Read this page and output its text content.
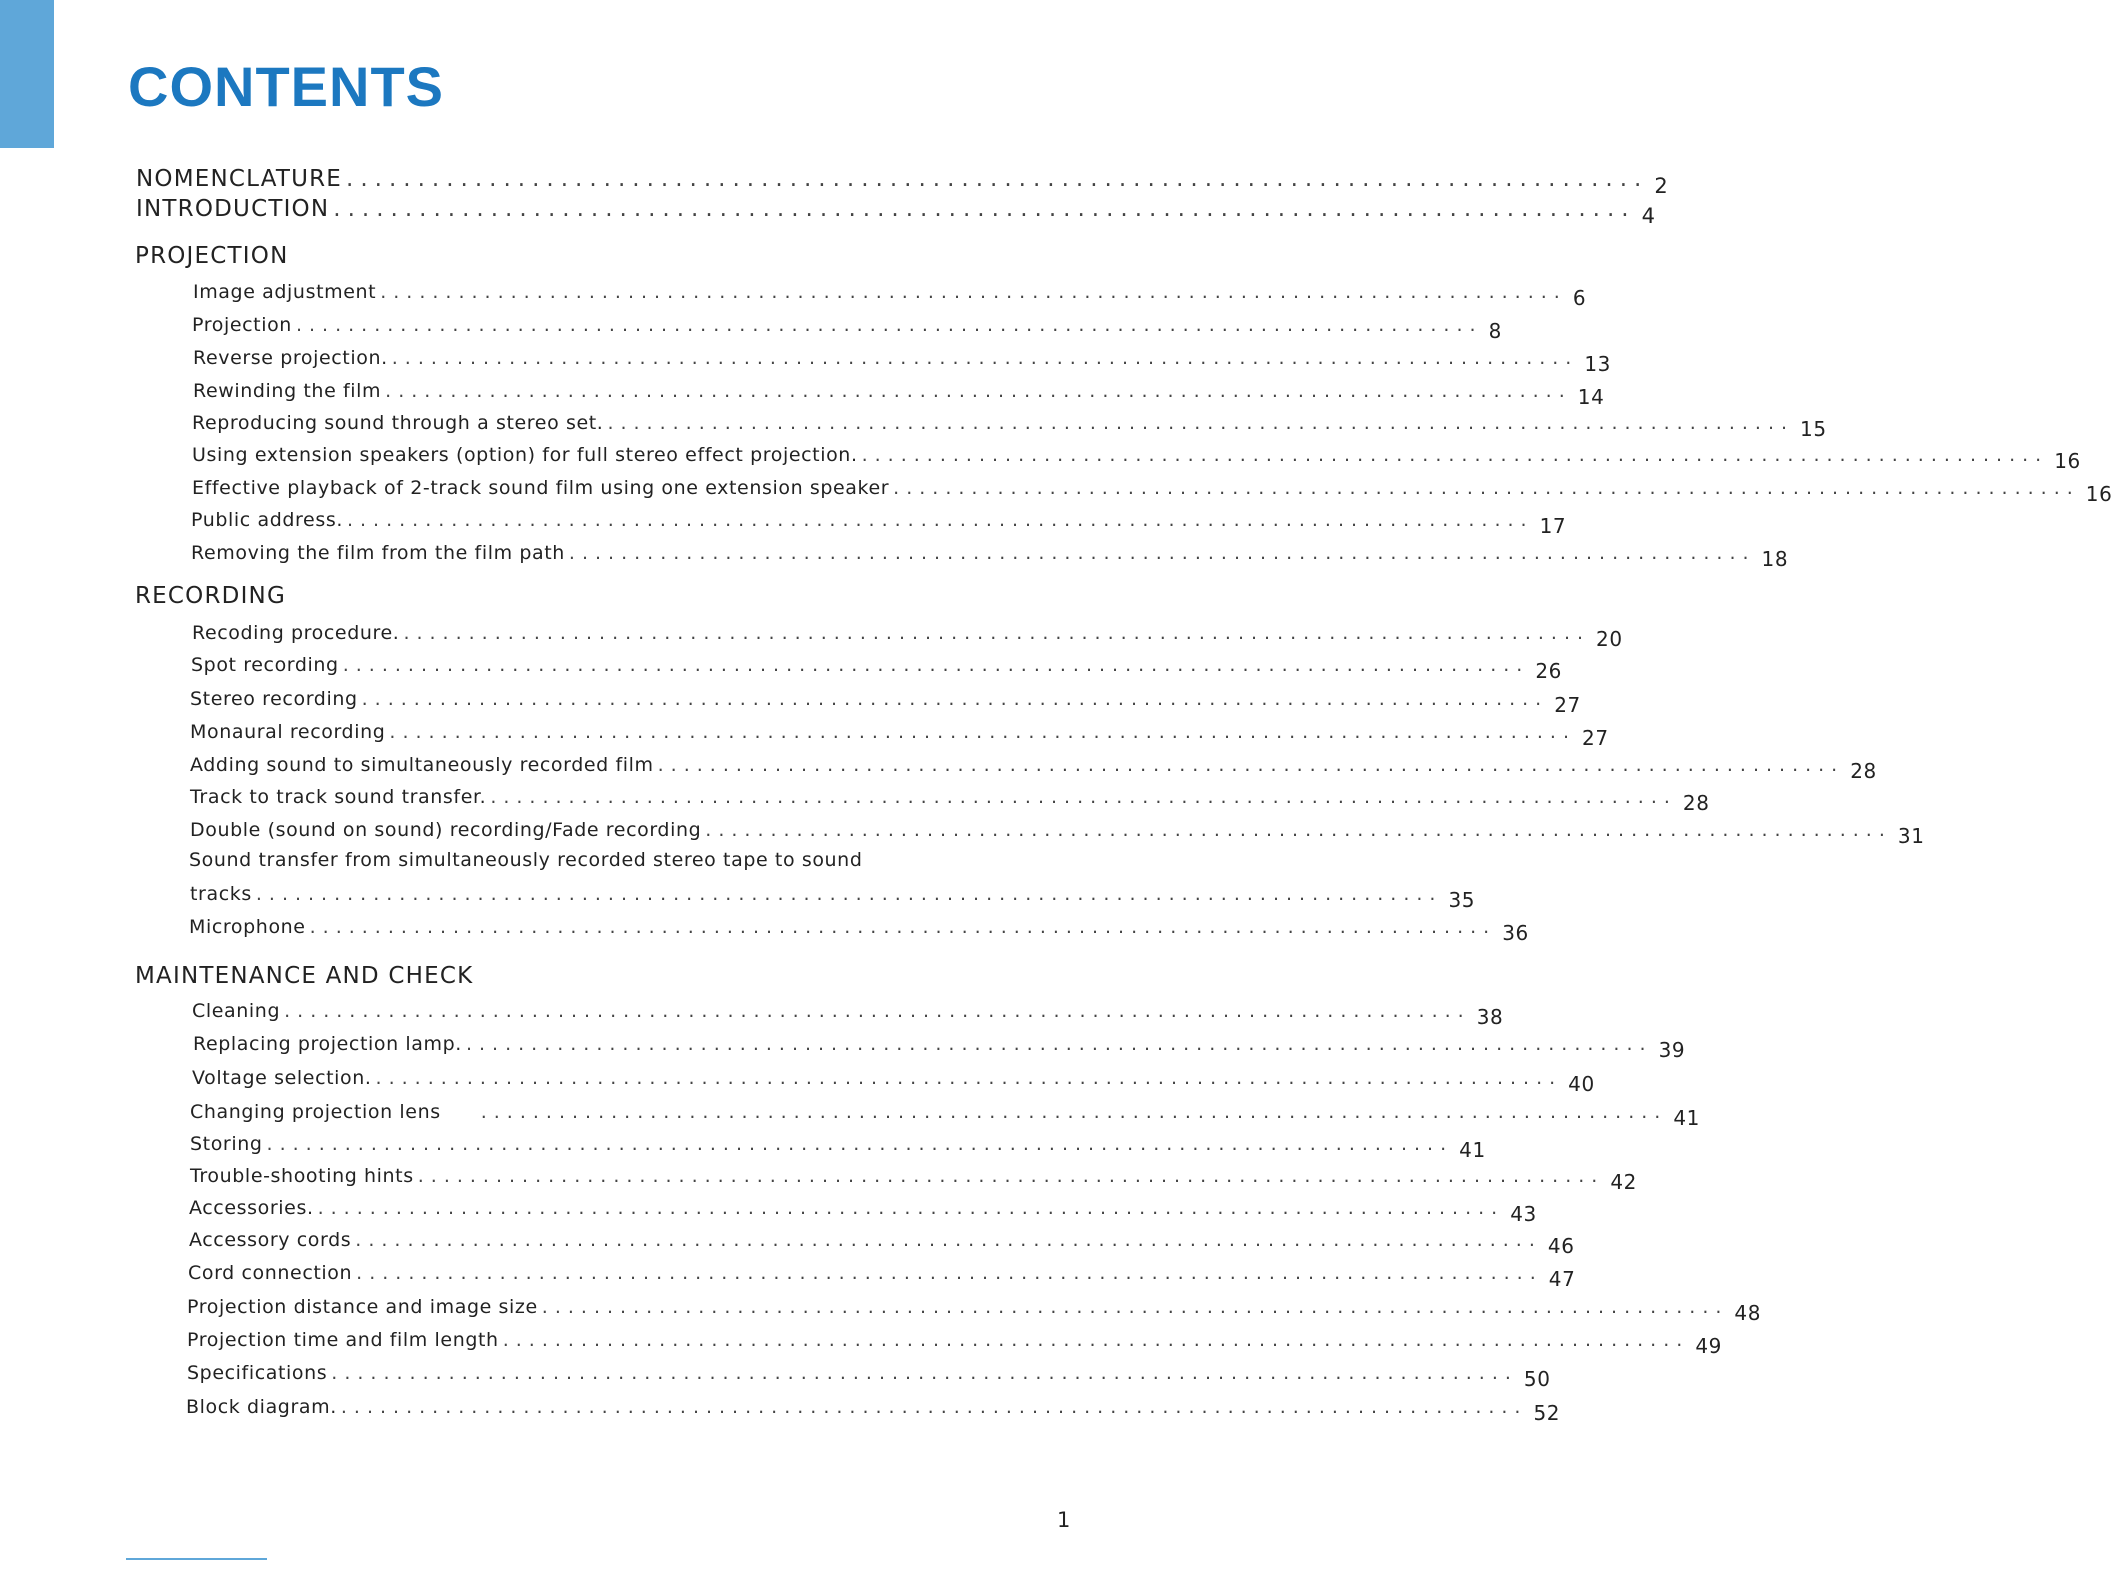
CONTENTS
NOMENCLATURE ........................................................................................... 2
INTRODUCTION ........................................................................................... 4
PROJECTION
Image adjustment ........................................................................................... 6
Projection ........................................................................................... 8
Reverse projection. ........................................................................................... 13
Rewinding the film ........................................................................................... 14
Reproducing sound through a stereo set. ........................................................................................... 15
Using extension speakers (option) for full stereo effect projection. ........................................................................................... 16
Effective playback of 2-track sound film using one extension speaker ........................................................................................... 16
Public address. ........................................................................................... 17
Removing the film from the film path ........................................................................................... 18
RECORDING
Recoding procedure. ........................................................................................... 20
Spot recording ........................................................................................... 26
Stereo recording ........................................................................................... 27
Monaural recording ........................................................................................... 27
Adding sound to simultaneously recorded film ........................................................................................... 28
Track to track sound transfer. ........................................................................................... 28
Double (sound on sound) recording/Fade recording ........................................................................................... 31
Sound transfer from simultaneously recorded stereo tape to sound
tracks ........................................................................................... 35
Microphone ........................................................................................... 36
MAINTENANCE AND CHECK
Cleaning ........................................................................................... 38
Replacing projection lamp. ........................................................................................... 39
Voltage selection. ........................................................................................... 40
Changing projection lens ........................................................................................... 41
Storing ........................................................................................... 41
Trouble-shooting hints ........................................................................................... 42
Accessories. ........................................................................................... 43
Accessory cords ........................................................................................... 46
Cord connection ........................................................................................... 47
Projection distance and image size ........................................................................................... 48
Projection time and film length ........................................................................................... 49
Specifications ........................................................................................... 50
Block diagram. ........................................................................................... 52
1
